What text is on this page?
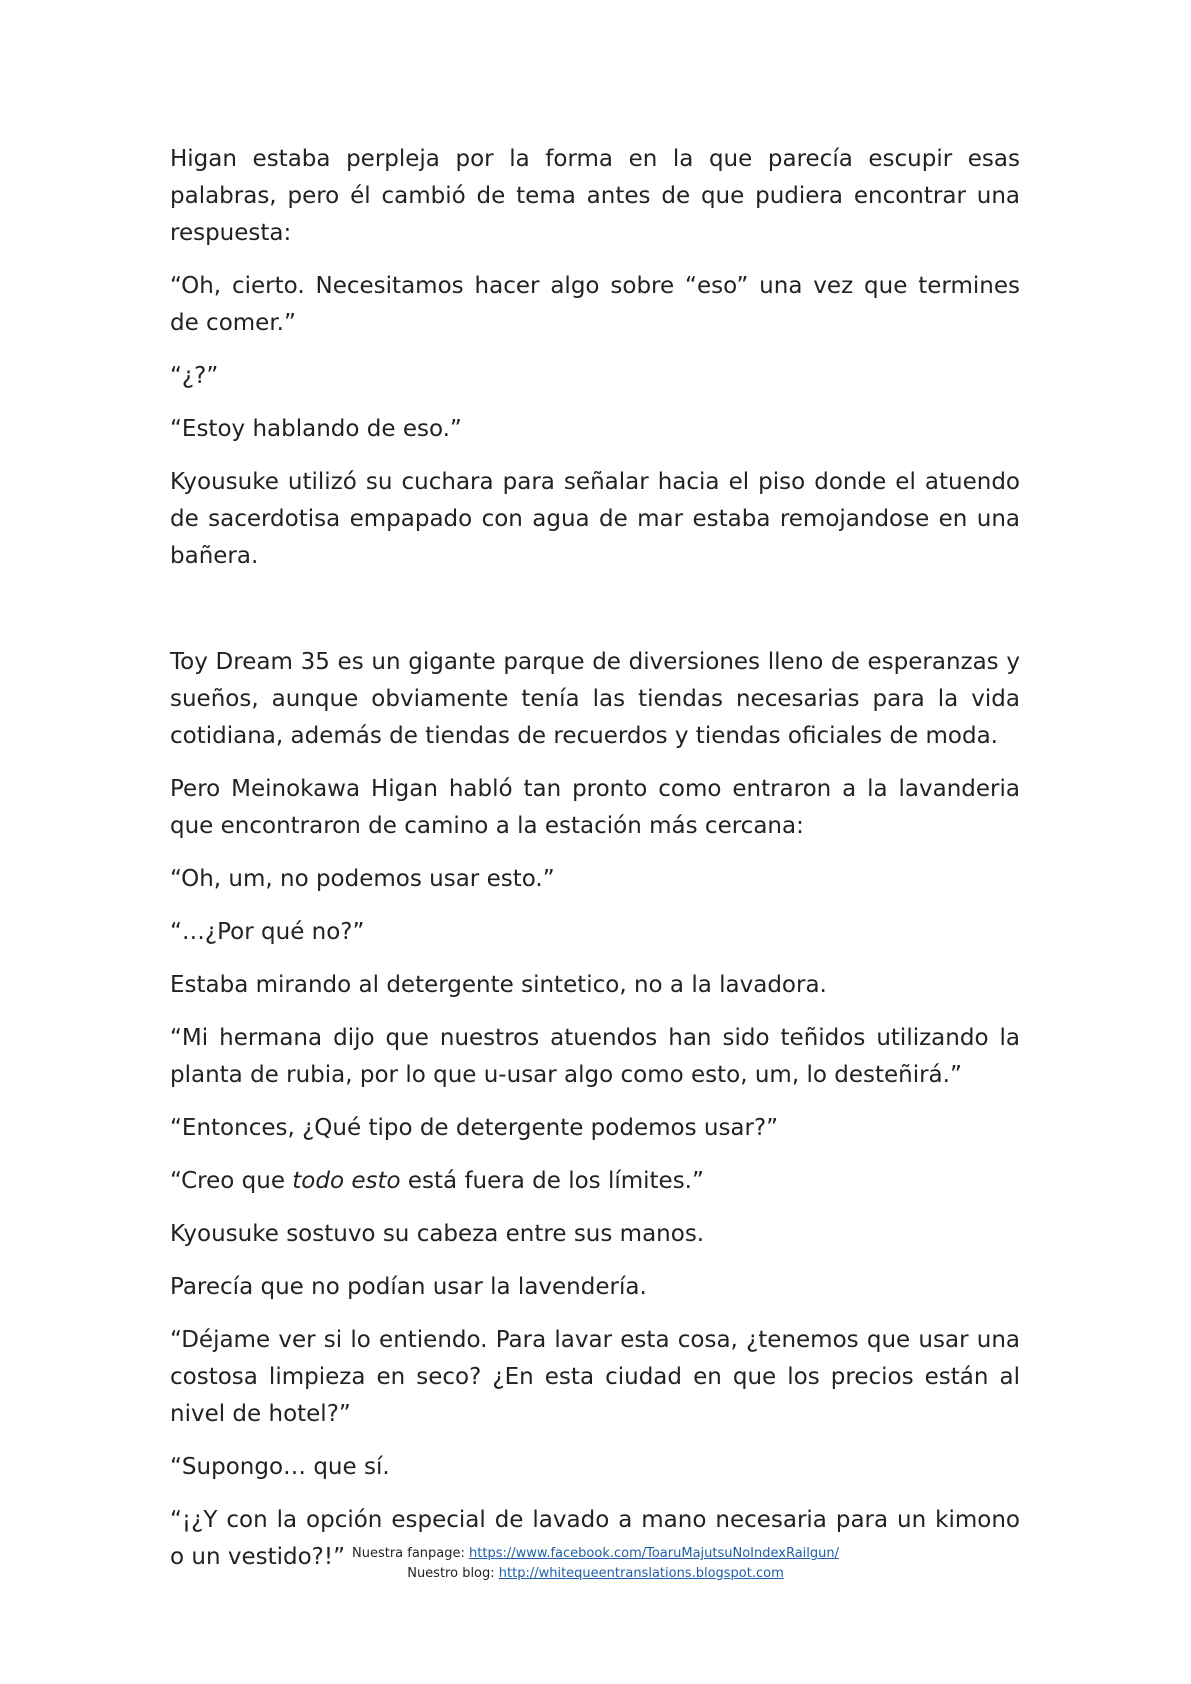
Higan estaba perpleja por la forma en la que parecía escupir esas palabras, pero él cambió de tema antes de que pudiera encontrar una respuesta:

“Oh, cierto. Necesitamos hacer algo sobre “eso” una vez que termines de comer.”

“¿?”

“Estoy hablando de eso.”

Kyousuke utilizó su cuchara para señalar hacia el piso donde el atuendo de sacerdotisa empapado con agua de mar estaba remojandose en una bañera.

Toy Dream 35 es un gigante parque de diversiones lleno de esperanzas y sueños, aunque obviamente tenía las tiendas necesarias para la vida cotidiana, además de tiendas de recuerdos y tiendas oficiales de moda.

Pero Meinokawa Higan habló tan pronto como entraron a la lavanderia que encontraron de camino a la estación más cercana:

“Oh, um, no podemos usar esto.”

“…¿Por qué no?”

Estaba mirando al detergente sintetico, no a la lavadora.

“Mi hermana dijo que nuestros atuendos han sido teñidos utilizando la planta de rubia, por lo que u-usar algo como esto, um, lo desteñirá.”

“Entonces, ¿Qué tipo de detergente podemos usar?”

“Creo que todo esto está fuera de los límites.”

Kyousuke sostuvo su cabeza entre sus manos.

Parecía que no podían usar la lavendería.

“Déjame ver si lo entiendo. Para lavar esta cosa, ¿tenemos que usar una costosa limpieza en seco? ¿En esta ciudad en que los precios están al nivel de hotel?”

“Supongo… que sí.

“¡¿Y con la opción especial de lavado a mano necesaria para un kimono o un vestido?!” Nuestra fanpage: https://www.facebook.com/ToaruMajutsuNoIndexRailgun/
Nuestro blog: http://whitequeentranslations.blogspot.com
